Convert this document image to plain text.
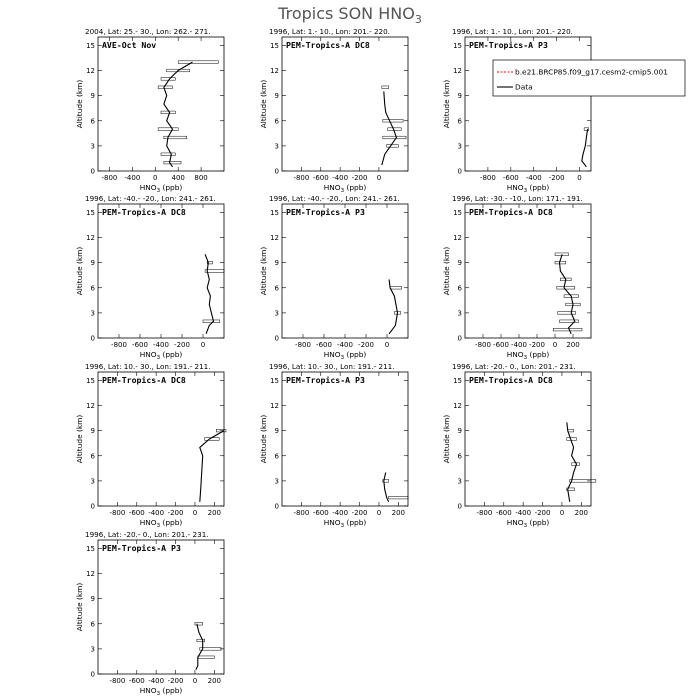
Tropics SON $HNO_3$
2004, Lat: 25.- 30., Lon: 262.- 271.
0
3
6
9
12
15
Altitude (km)
-800 -400 0 400 800
$HNO_3$ (ppb)
AVE-Oct Nov
1996, Lat: 1.- 10., Lon: 201.- 220.
0
3
6
9
12
15
Altitude (km)
-800 -600 -400 -200 0
$HNO_3$ (ppb)
PEM-Tropics-A DC8
1996, Lat: 1.- 10., Lon: 201.- 220.
0
3
6
9
12
15
Altitude (km)
-800 -600 -400 -200 0
$HNO_3$ (ppb)
PEM-Tropics-A P3
1996, Lat: -40.- -20., Lon: 241.- 261.
0
3
6
9
12
15
Altitude (km)
-800 -600 -400 -200 0
$HNO_3$ (ppb)
PEM-Tropics-A DC8
1996, Lat: -40.- -20., Lon: 241.- 261.
0
3
6
9
12
15
Altitude (km)
-800 -600 -400 -200 0
$HNO_3$ (ppb)
PEM-Tropics-A P3
1996, Lat: -30.- -10., Lon: 171.- 191.
0
3
6
9
12
15
Altitude (km)
-800 -600 -400 -200 0 200
$HNO_3$ (ppb)
PEM-Tropics-A DC8
1996, Lat: 10.- 30., Lon: 191.- 211.
0
3
6
9
12
15
Altitude (km)
-800 -600 -400 -200 0 200
$HNO_3$ (ppb)
PEM-Tropics-A DC8
1996, Lat: 10.- 30., Lon: 191.- 211.
0
3
6
9
12
15
Altitude (km)
-800 -600 -400 -200 0 200
$HNO_3$ (ppb)
PEM-Tropics-A P3
1996, Lat: -20.- 0., Lon: 201.- 231.
0
3
6
9
12
15
Altitude (km)
-800 -600 -400 -200 0 200
$HNO_3$ (ppb)
PEM-Tropics-A DC8
1996, Lat: -20.- 0., Lon: 201.- 231.
0
3
6
9
12
15
Altitude (km)
-800 -600 -400 -200 0 200
$HNO_3$ (ppb)
PEM-Tropics-A P3
b.e21.BRCP85.f09_g17.cesm2-cmip5.001
Data
